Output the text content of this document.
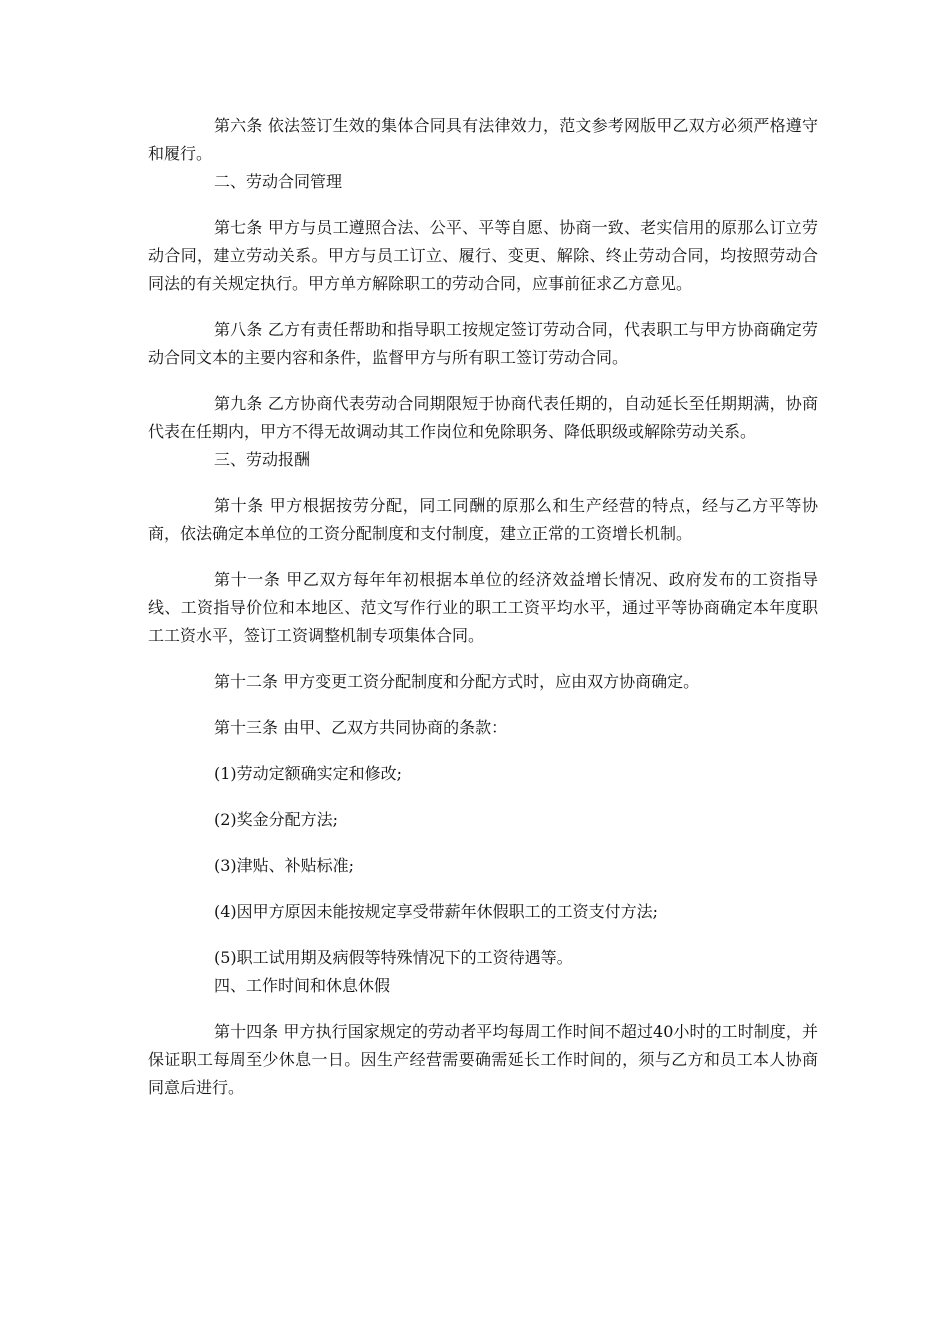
第六条 依法签订生效的集体合同具有法律效力，范文参考网版甲乙双方必须严格遵守和履行。

二、劳动合同管理

第七条 甲方与员工遵照合法、公平、平等自愿、协商一致、老实信用的原那么订立劳动合同，建立劳动关系。甲方与员工订立、履行、变更、解除、终止劳动合同，均按照劳动合同法的有关规定执行。甲方单方解除职工的劳动合同，应事前征求乙方意见。

第八条 乙方有责任帮助和指导职工按规定签订劳动合同，代表职工与甲方协商确定劳动合同文本的主要内容和条件，监督甲方与所有职工签订劳动合同。

第九条 乙方协商代表劳动合同期限短于协商代表任期的，自动延长至任期期满，协商代表在任期内，甲方不得无故调动其工作岗位和免除职务、降低职级或解除劳动关系。

三、劳动报酬

第十条 甲方根据按劳分配，同工同酬的原那么和生产经营的特点，经与乙方平等协商，依法确定本单位的工资分配制度和支付制度，建立正常的工资增长机制。

第十一条 甲乙双方每年年初根据本单位的经济效益增长情况、政府发布的工资指导线、工资指导价位和本地区、范文写作行业的职工工资平均水平，通过平等协商确定本年度职工工资水平，签订工资调整机制专项集体合同。

第十二条 甲方变更工资分配制度和分配方式时，应由双方协商确定。

第十三条 由甲、乙双方共同协商的条款：

(1)劳动定额确实定和修改;

(2)奖金分配方法;

(3)津贴、补贴标准;

(4)因甲方原因未能按规定享受带薪年休假职工的工资支付方法;

(5)职工试用期及病假等特殊情况下的工资待遇等。

四、工作时间和休息休假

第十四条 甲方执行国家规定的劳动者平均每周工作时间不超过40小时的工时制度，并保证职工每周至少休息一日。因生产经营需要确需延长工作时间的，须与乙方和员工本人协商同意后进行。
